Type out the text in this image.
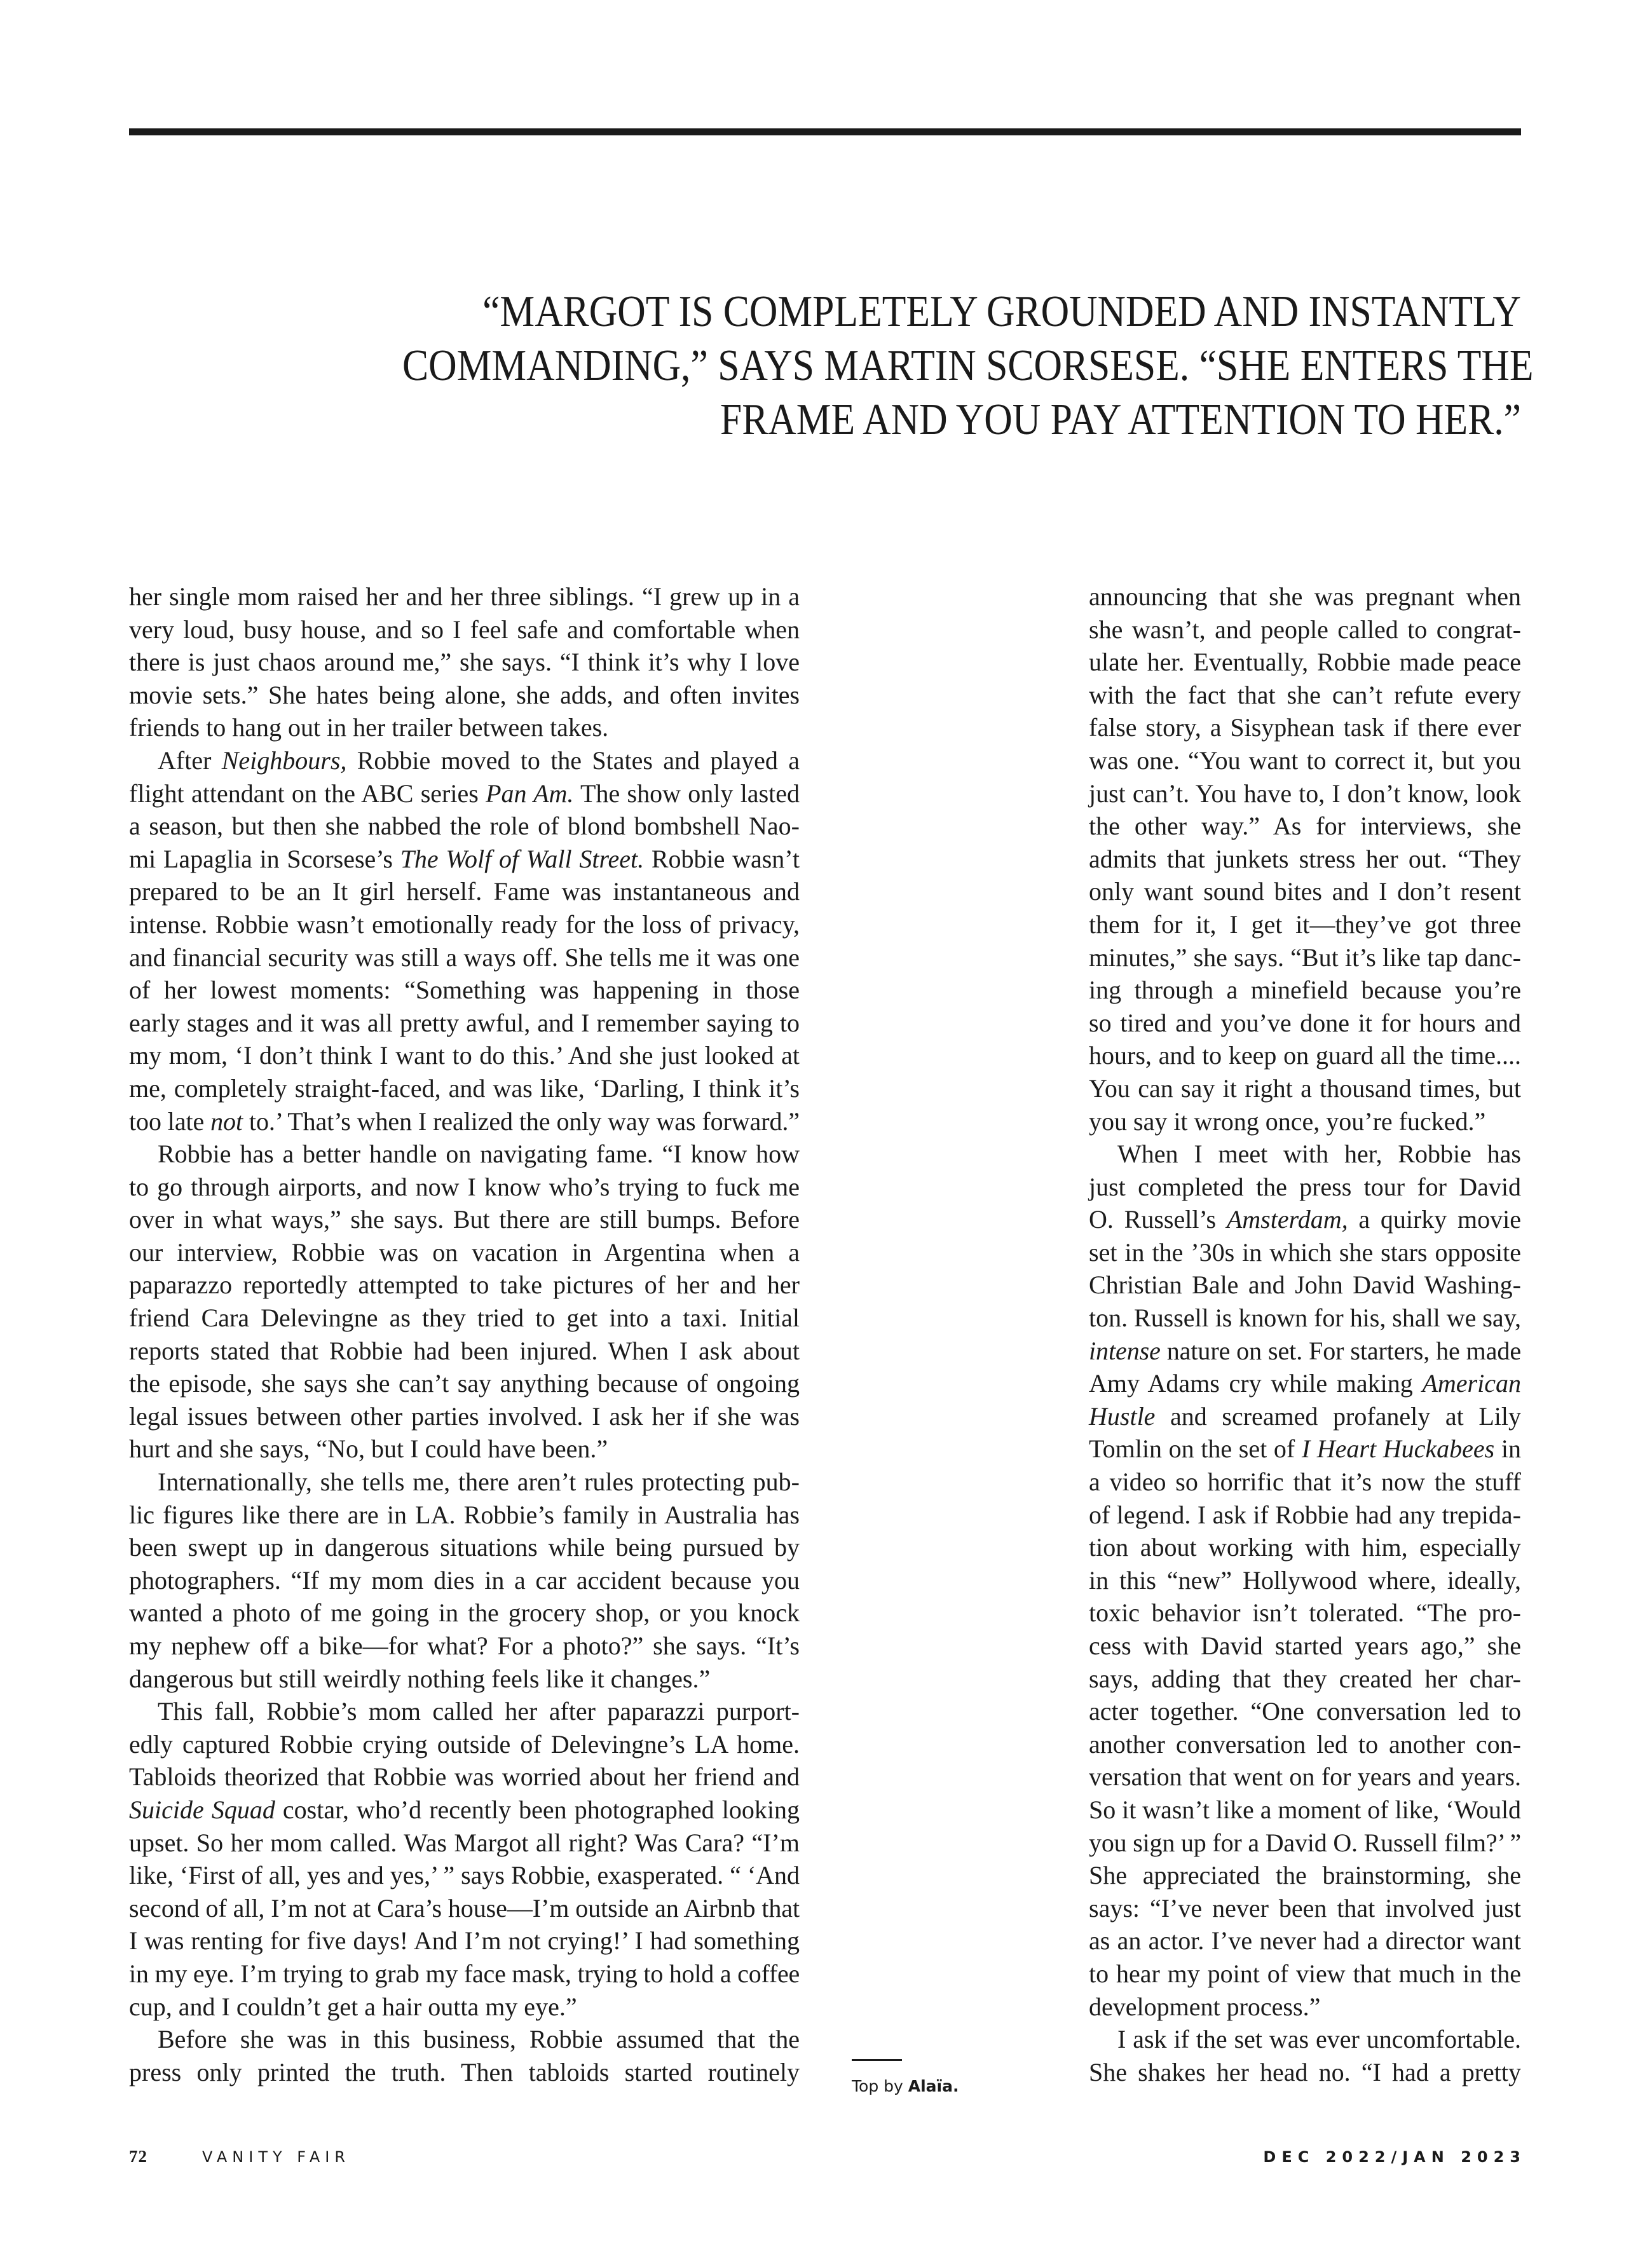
“MARGOT IS COMPLETELY GROUNDED AND INSTANTLY
COMMANDING,” SAYS MARTIN SCORSESE. “SHE ENTERS THE
FRAME AND YOU PAY ATTENTION TO HER.”
her single mom raised her and her three siblings. “I grew up in a
very loud, busy house, and so I feel safe and comfortable when
there is just chaos around me,” she says. “I think it’s why I love
movie sets.” She hates being alone, she adds, and often invites
friends to hang out in her trailer between takes.
After Neighbours, Robbie moved to the States and played a
flight attendant on the ABC series Pan Am. The show only lasted
a season, but then she nabbed the role of blond bombshell Nao-
mi Lapaglia in Scorsese’s The Wolf of Wall Street. Robbie wasn’t
prepared to be an It girl herself. Fame was instantaneous and
intense. Robbie wasn’t emotionally ready for the loss of privacy,
and financial security was still a ways off. She tells me it was one
of her lowest moments: “Something was happening in those
early stages and it was all pretty awful, and I remember saying to
my mom, ‘I don’t think I want to do this.’ And she just looked at
me, completely straight-faced, and was like, ‘Darling, I think it’s
too late not to.’ That’s when I realized the only way was forward.”
Robbie has a better handle on navigating fame. “I know how
to go through airports, and now I know who’s trying to fuck me
over in what ways,” she says. But there are still bumps. Before
our interview, Robbie was on vacation in Argentina when a
paparazzo reportedly attempted to take pictures of her and her
friend Cara Delevingne as they tried to get into a taxi. Initial
reports stated that Robbie had been injured. When I ask about
the episode, she says she can’t say anything because of ongoing
legal issues between other parties involved. I ask her if she was
hurt and she says, “No, but I could have been.”
Internationally, she tells me, there aren’t rules protecting pub-
lic figures like there are in LA. Robbie’s family in Australia has
been swept up in dangerous situations while being pursued by
photographers. “If my mom dies in a car accident because you
wanted a photo of me going in the grocery shop, or you knock
my nephew off a bike—for what? For a photo?” she says. “It’s
dangerous but still weirdly nothing feels like it changes.”
This fall, Robbie’s mom called her after paparazzi purport-
edly captured Robbie crying outside of Delevingne’s LA home.
Tabloids theorized that Robbie was worried about her friend and
Suicide Squad costar, who’d recently been photographed looking
upset. So her mom called. Was Margot all right? Was Cara? “I’m
like, ‘First of all, yes and yes,’ ” says Robbie, exasperated. “ ‘And
second of all, I’m not at Cara’s house—I’m outside an Airbnb that
I was renting for five days! And I’m not crying!’ I had something
in my eye. I’m trying to grab my face mask, trying to hold a coffee
cup, and I couldn’t get a hair outta my eye.”
Before she was in this business, Robbie assumed that the
press only printed the truth. Then tabloids started routinely
announcing that she was pregnant when
she wasn’t, and people called to congrat-
ulate her. Eventually, Robbie made peace
with the fact that she can’t refute every
false story, a Sisyphean task if there ever
was one. “You want to correct it, but you
just can’t. You have to, I don’t know, look
the other way.” As for interviews, she
admits that junkets stress her out. “They
only want sound bites and I don’t resent
them for it, I get it—they’ve got three
minutes,” she says. “But it’s like tap danc-
ing through a minefield because you’re
so tired and you’ve done it for hours and
hours, and to keep on guard all the time....
You can say it right a thousand times, but
you say it wrong once, you’re fucked.”
When I meet with her, Robbie has
just completed the press tour for David
O. Russell’s Amsterdam, a quirky movie
set in the ’30s in which she stars opposite
Christian Bale and John David Washing-
ton. Russell is known for his, shall we say,
intense nature on set. For starters, he made
Amy Adams cry while making American
Hustle and screamed profanely at Lily
Tomlin on the set of I Heart Huckabees in
a video so horrific that it’s now the stuff
of legend. I ask if Robbie had any trepida-
tion about working with him, especially
in this “new” Hollywood where, ideally,
toxic behavior isn’t tolerated. “The pro-
cess with David started years ago,” she
says, adding that they created her char-
acter together. “One conversation led to
another conversation led to another con-
versation that went on for years and years.
So it wasn’t like a moment of like, ‘Would
you sign up for a David O. Russell film?’ ”
She appreciated the brainstorming, she
says: “I’ve never been that involved just
as an actor. I’ve never had a director want
to hear my point of view that much in the
development process.”
I ask if the set was ever uncomfortable.
She shakes her head no. “I had a pretty
Top by Alaïa.
72	VANITY FAIR	DEC 2022/JAN 2023
